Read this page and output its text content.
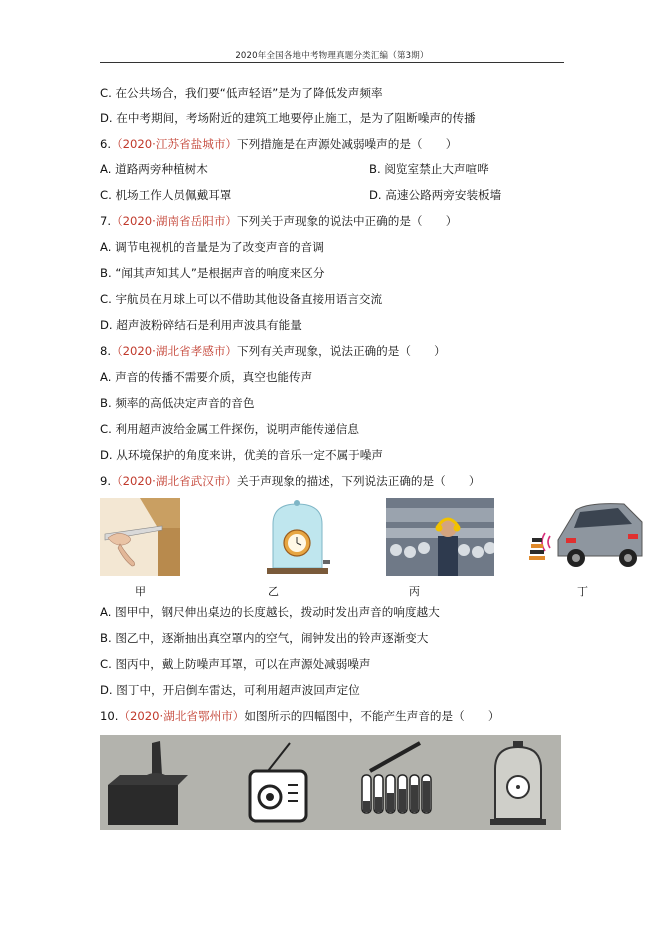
2020年全国各地中考物理真题分类汇编（第3期）
C. 在公共场合，我们要“低声轻语”是为了降低发声频率
D. 在中考期间，考场附近的建筑工地要停止施工，是为了阻断噪声的传播
6.（2020·江苏省盐城市）下列措施是在声源处减弱噪声的是（　　）
A. 道路两旁种植树木	B. 阅览室禁止大声喧哗
C. 机场工作人员佩戴耳罩	D. 高速公路两旁安装板墙
7.（2020·湖南省岳阳市）下列关于声现象的说法中正确的是（　　）
A. 调节电视机的音量是为了改变声音的音调
B. “闻其声知其人”是根据声音的响度来区分
C. 宇航员在月球上可以不借助其他设备直接用语言交流
D. 超声波粉碎结石是利用声波具有能量
8.（2020·湖北省孝感市）下列有关声现象，说法正确的是（　　）
A. 声音的传播不需要介质，真空也能传声
B. 频率的高低决定声音的音色
C. 利用超声波给金属工件探伤，说明声能传递信息
D. 从环境保护的角度来讲，优美的音乐一定不属于噪声
9.（2020·湖北省武汉市）关于声现象的描述，下列说法正确的是（　　）
甲	乙	丙	丁
A. 图甲中，钢尺伸出桌边的长度越长，拨动时发出声音的响度越大
B. 图乙中，逐渐抽出真空罩内的空气，闹钟发出的铃声逐渐变大
C. 图丙中，戴上防噪声耳罩，可以在声源处减弱噪声
D. 图丁中，开启倒车雷达，可利用超声波回声定位
10.（2020·湖北省鄂州市）如图所示的四幅图中，不能产生声音的是（　　）
